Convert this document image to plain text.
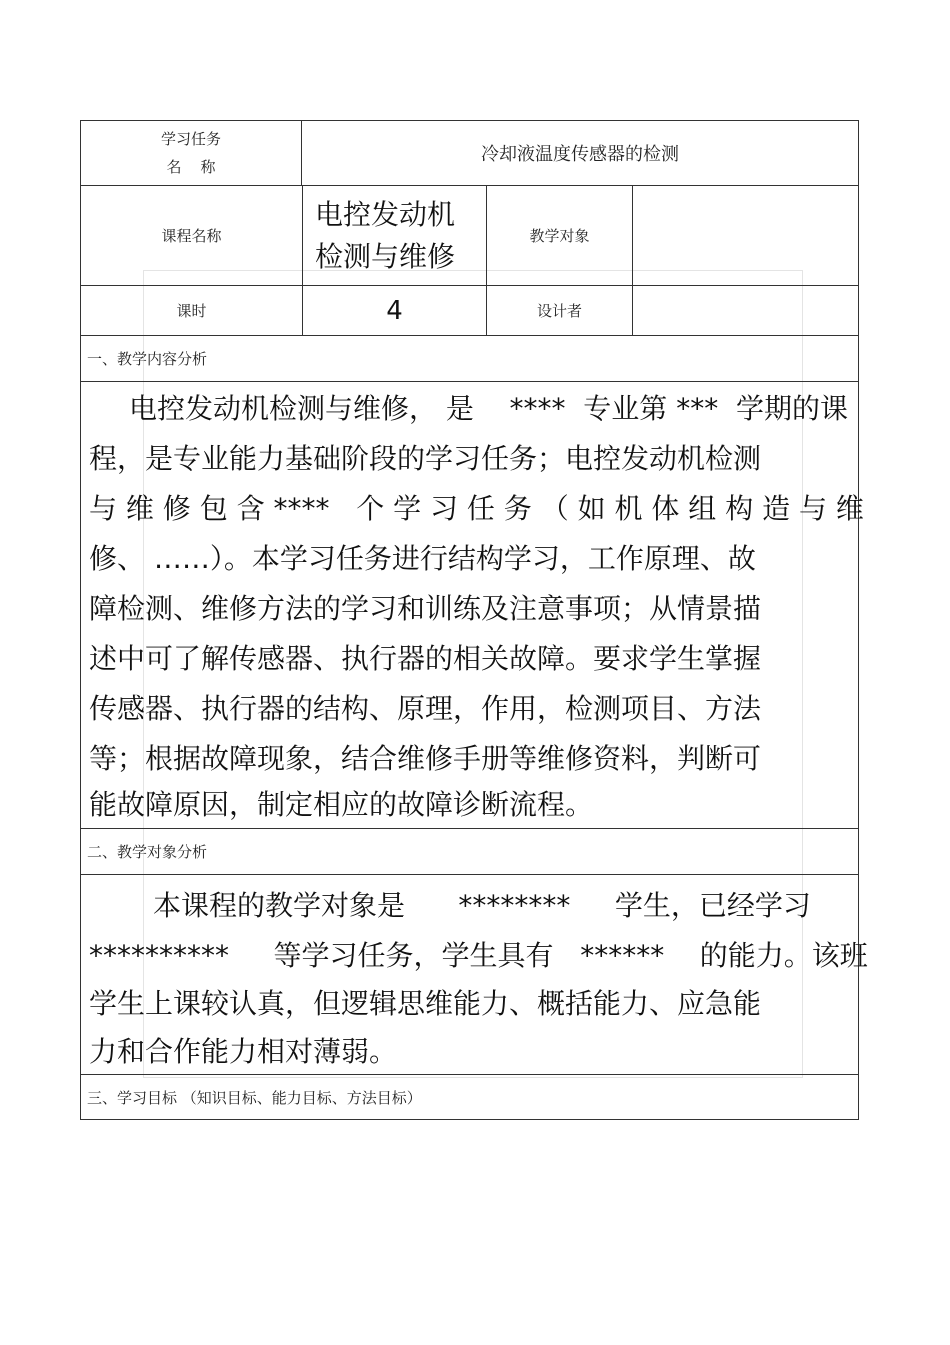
学习任务
名    称
冷却液温度传感器的检测
课程名称
电控发动机
检测与维修
教学对象
课时	4	设计者
一、教学内容分析

电控发动机检测与维修， 是    ****  专业第 ***  学期的课

程，是专业能力基础阶段的学习任务；电控发动机检测

与 维 修 包 含 ****   个 学 习 任 务 （ 如 机 体 组 构 造 与 维

修、 ……）。本学习任务进行结构学习，工作原理、故

障检测、维修方法的学习和训练及注意事项；从情景描

述中可了解传感器、执行器的相关故障。要求学生掌握

传感器、执行器的结构、原理，作用，检测项目、方法

等；根据故障现象，结合维修手册等维修资料，判断可

能故障原因，制定相应的故障诊断流程。

二、教学对象分析

本课程的教学对象是      ********     学生，已经学习

**********     等学习任务，学生具有   ******    的能力。该班

学生上课较认真，但逻辑思维能力、概括能力、应急能

力和合作能力相对薄弱。

三、学习目标 （知识目标、能力目标、方法目标）
